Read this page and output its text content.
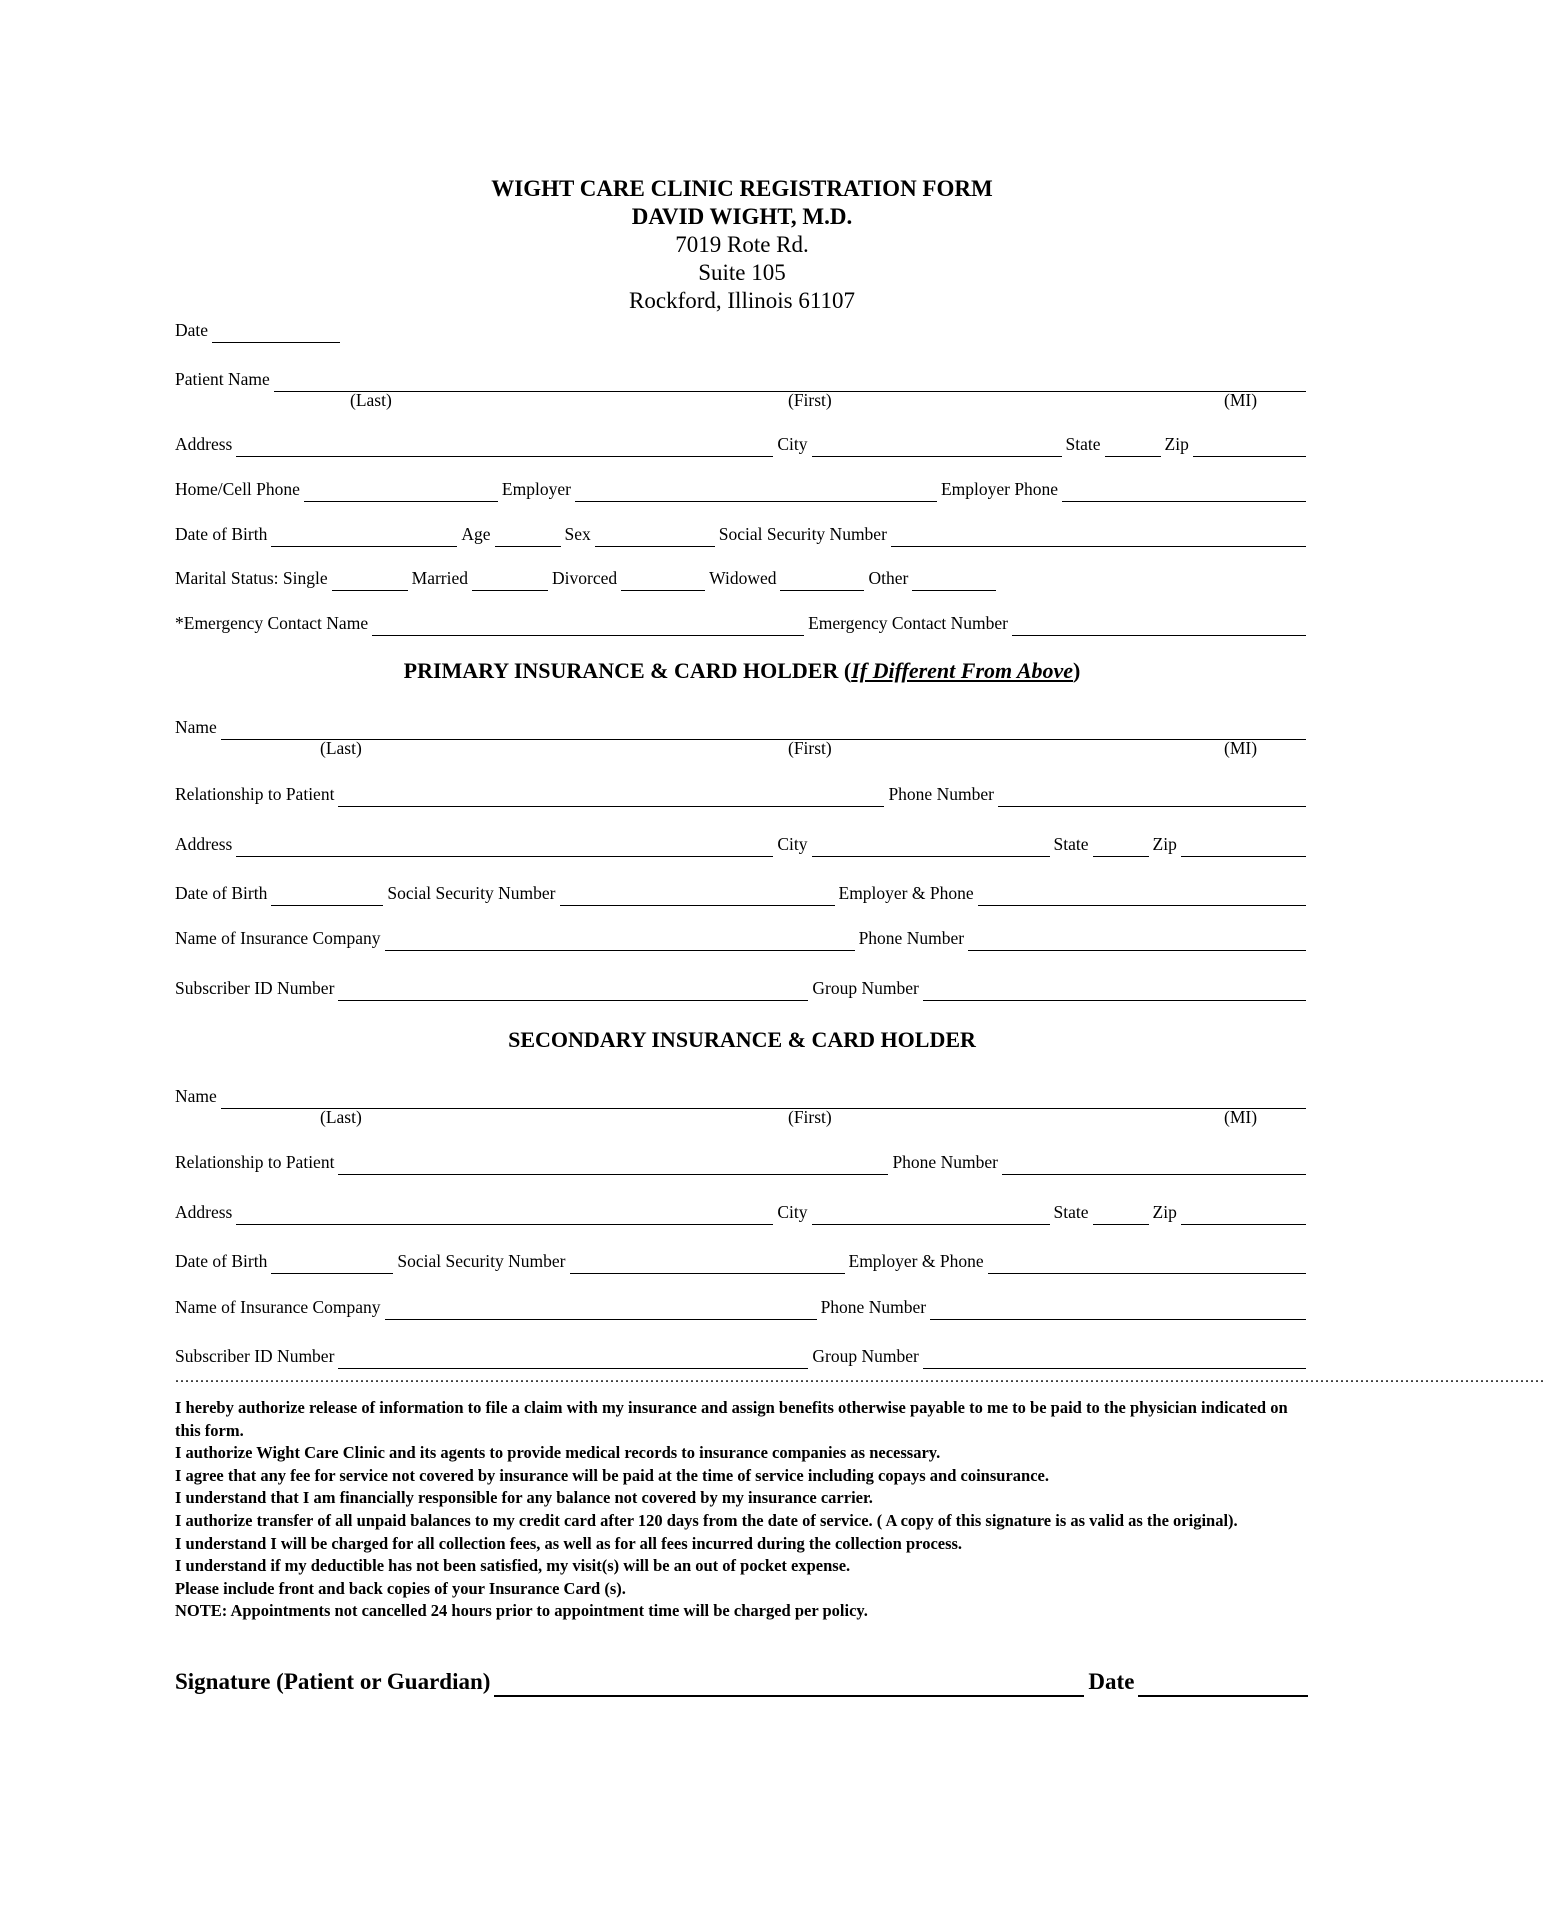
WIGHT CARE CLINIC REGISTRATION FORM
DAVID WIGHT, M.D.
7019 Rote Rd.
Suite 105
Rockford, Illinois 61107
Date
Patient Name
(Last)	(First)	(MI)
Address	City	State	Zip
Home/Cell Phone	Employer	Employer Phone
Date of Birth	Age	Sex	Social Security Number
Marital Status: Single	Married	Divorced	Widowed	Other
*Emergency Contact Name	Emergency Contact Number
PRIMARY INSURANCE & CARD HOLDER (If Different From Above)
Name
(Last)	(First)	(MI)
Relationship to Patient	Phone Number
Address	City	State	Zip
Date of Birth	Social Security Number	Employer & Phone
Name of Insurance Company	Phone Number
Subscriber ID Number	Group Number
SECONDARY INSURANCE & CARD HOLDER
Name
(Last)	(First)	(MI)
Relationship to Patient	Phone Number
Address	City	State	Zip
Date of Birth	Social Security Number	Employer & Phone
Name of Insurance Company	Phone Number
Subscriber ID Number	Group Number
..................................................................................................................................................................................................................................................................................

I hereby authorize release of information to file a claim with my insurance and assign benefits otherwise payable to me to be paid to the physician indicated on this form.

I authorize Wight Care Clinic and its agents to provide medical records to insurance companies as necessary.

I agree that any fee for service not covered by insurance will be paid at the time of service including copays and coinsurance.

I understand that I am financially responsible for any balance not covered by my insurance carrier.

I authorize transfer of all unpaid balances to my credit card after 120 days from the date of service. ( A copy of this signature is as valid as the original).

I understand I will be charged for all collection fees, as well as for all fees incurred during the collection process.

I understand if my deductible has not been satisfied, my visit(s) will be an out of pocket expense.

Please include front and back copies of your Insurance Card (s).

NOTE: Appointments not cancelled 24 hours prior to appointment time will be charged per policy.

Signature (Patient or Guardian)	Date
